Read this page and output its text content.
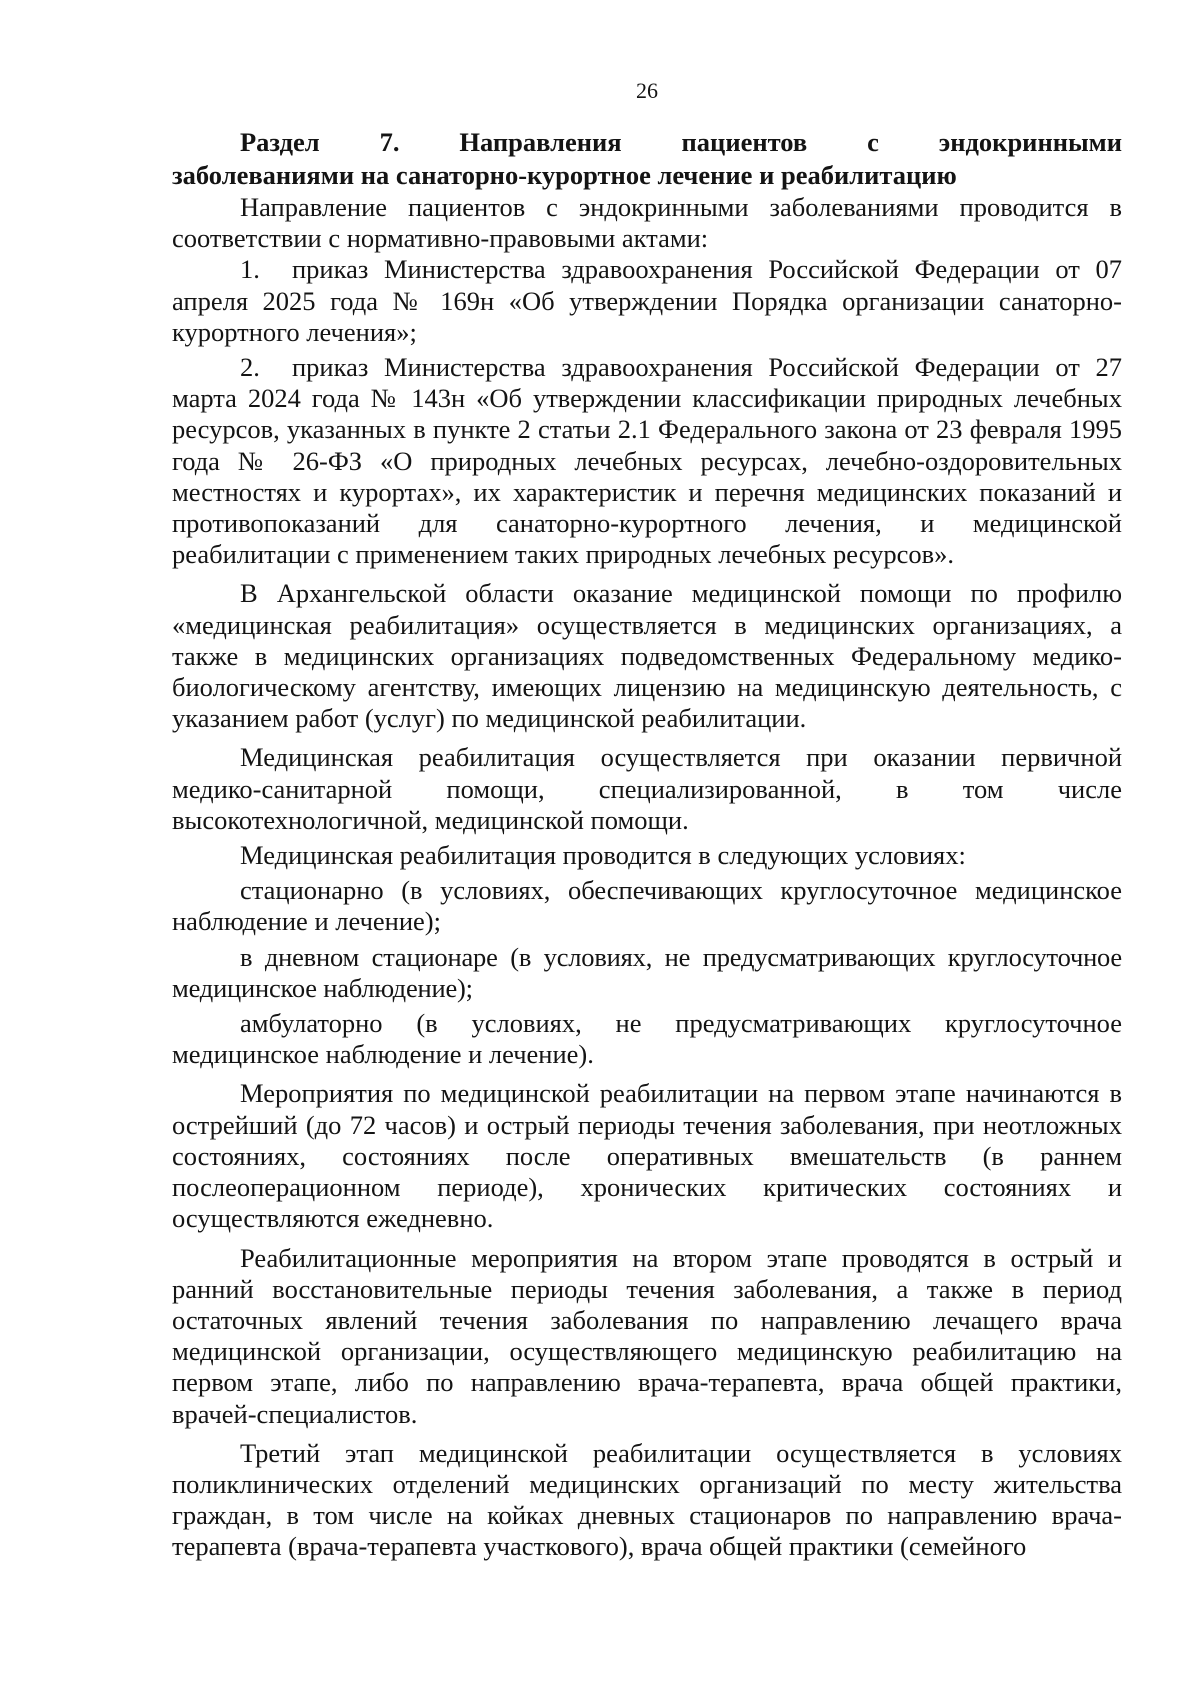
26
Раздел 7. Направления пациентов с эндокринными
заболеваниями на санаторно-курортное лечение и реабилитацию

Направление пациентов с эндокринными заболеваниями проводится в соответствии с нормативно-правовыми актами:

1. приказ Министерства здравоохранения Российской Федерации от 07 апреля 2025 года № 169н «Об утверждении Порядка организации санаторно-курортного лечения»;

2. приказ Министерства здравоохранения Российской Федерации от 27 марта 2024 года № 143н «Об утверждении классификации природных лечебных ресурсов, указанных в пункте 2 статьи 2.1 Федерального закона от 23 февраля 1995 года № 26-ФЗ «О природных лечебных ресурсах, лечебно-оздоровительных местностях и курортах», их характеристик и перечня медицинских показаний и противопоказаний для санаторно-курортного лечения, и медицинской реабилитации с применением таких природных лечебных ресурсов».

В Архангельской области оказание медицинской помощи по профилю «медицинская реабилитация» осуществляется в медицинских организациях, а также в медицинских организациях подведомственных Федеральному медико-биологическому агентству, имеющих лицензию на медицинскую деятельность, с указанием работ (услуг) по медицинской реабилитации.

Медицинская реабилитация осуществляется при оказании первичной медико-санитарной помощи, специализированной, в том числе высокотехнологичной, медицинской помощи.

Медицинская реабилитация проводится в следующих условиях:

стационарно (в условиях, обеспечивающих круглосуточное медицинское наблюдение и лечение);

в дневном стационаре (в условиях, не предусматривающих круглосуточное медицинское наблюдение);

амбулаторно (в условиях, не предусматривающих круглосуточное медицинское наблюдение и лечение).

Мероприятия по медицинской реабилитации на первом этапе начинаются в острейший (до 72 часов) и острый периоды течения заболевания, при неотложных состояниях, состояниях после оперативных вмешательств (в раннем послеоперационном периоде), хронических критических состояниях и осуществляются ежедневно.

Реабилитационные мероприятия на втором этапе проводятся в острый и ранний восстановительные периоды течения заболевания, а также в период остаточных явлений течения заболевания по направлению лечащего врача медицинской организации, осуществляющего медицинскую реабилитацию на первом этапе, либо по направлению врача-терапевта, врача общей практики, врачей-специалистов.

Третий этап медицинской реабилитации осуществляется в условиях поликлинических отделений медицинских организаций по месту жительства граждан, в том числе на койках дневных стационаров по направлению врача-терапевта (врача-терапевта участкового), врача общей практики (семейного
